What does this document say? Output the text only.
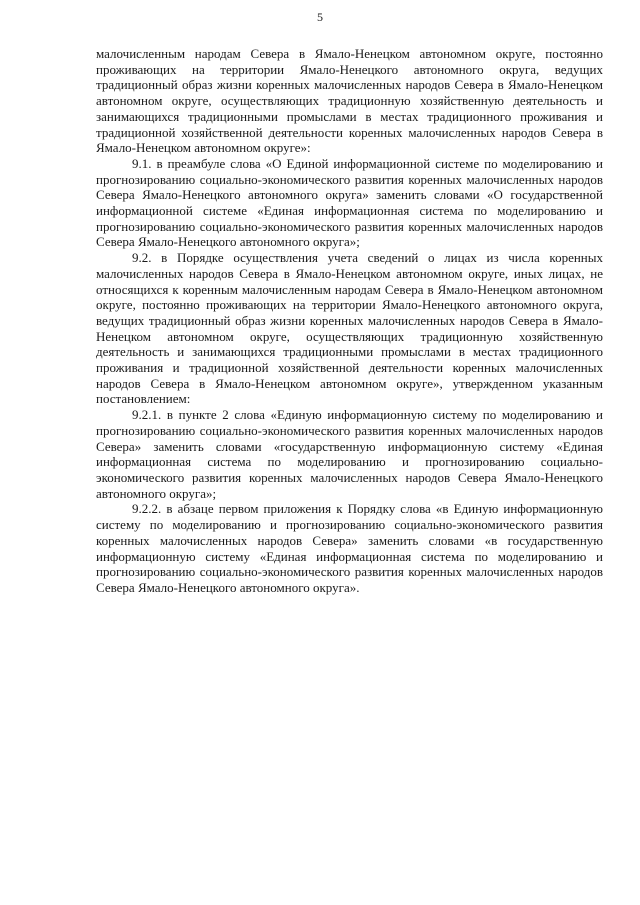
5

малочисленным народам Севера в Ямало-Ненецком автономном округе, постоянно проживающих на территории Ямало-Ненецкого автономного округа, ведущих традиционный образ жизни коренных малочисленных народов Севера в Ямало-Ненецком автономном округе, осуществляющих традиционную хозяйственную деятельность и занимающихся традиционными промыслами в местах традиционного проживания и традиционной хозяйственной деятельности коренных малочисленных народов Севера в Ямало-Ненецком автономном округе»:

9.1. в преамбуле слова «О Единой информационной системе по моделированию и прогнозированию социально-экономического развития коренных малочисленных народов Севера Ямало-Ненецкого автономного округа» заменить словами «О государственной информационной системе «Единая информационная система по моделированию и прогнозированию социально-экономического развития коренных малочисленных народов Севера Ямало-Ненецкого автономного округа»;

9.2. в Порядке осуществления учета сведений о лицах из числа коренных малочисленных народов Севера в Ямало-Ненецком автономном округе, иных лицах, не относящихся к коренным малочисленным народам Севера в Ямало-Ненецком автономном округе, постоянно проживающих на территории Ямало-Ненецкого автономного округа, ведущих традиционный образ жизни коренных малочисленных народов Севера в Ямало-Ненецком автономном округе, осуществляющих традиционную хозяйственную деятельность и занимающихся традиционными промыслами в местах традиционного проживания и традиционной хозяйственной деятельности коренных малочисленных народов Севера в Ямало-Ненецком автономном округе», утвержденном указанным постановлением:

9.2.1. в пункте 2 слова «Единую информационную систему по моделированию и прогнозированию социально-экономического развития коренных малочисленных народов Севера» заменить словами «государственную информационную систему «Единая информационная система по моделированию и прогнозированию социально-экономического развития коренных малочисленных народов Севера Ямало-Ненецкого автономного округа»;

9.2.2. в абзаце первом приложения к Порядку слова «в Единую информационную систему по моделированию и прогнозированию социально-экономического развития коренных малочисленных народов Севера» заменить словами «в государственную информационную систему «Единая информационная система по моделированию и прогнозированию социально-экономического развития коренных малочисленных народов Севера Ямало-Ненецкого автономного округа».
